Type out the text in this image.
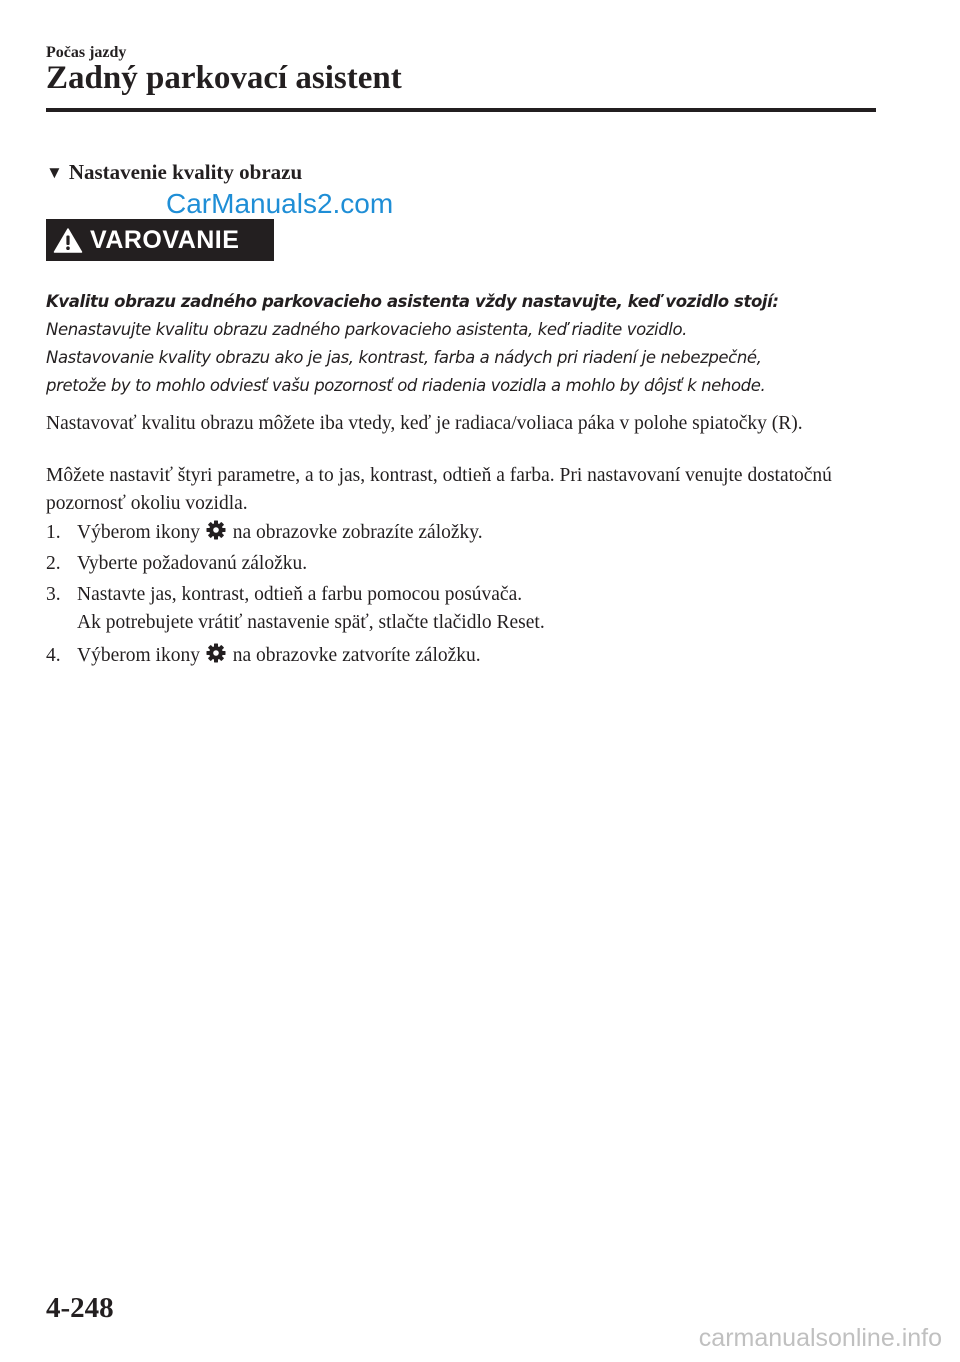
Počas jazdy
Zadný parkovací asistent
▼ Nastavenie kvality obrazu
CarManuals2.com
VAROVANIE
Kvalitu obrazu zadného parkovacieho asistenta vždy nastavujte, keď vozidlo stojí:
Nenastavujte kvalitu obrazu zadného parkovacieho asistenta, keď riadite vozidlo.
Nastavovanie kvality obrazu ako je jas, kontrast, farba a nádych pri riadení je nebezpečné,
pretože by to mohlo odviesť vašu pozornosť od riadenia vozidla a mohlo by dôjsť k nehode.
Nastavovať kvalitu obrazu môžete iba vtedy, keď je radiaca/voliaca páka v polohe spiatočky (R).
Môžete nastaviť štyri parametre, a to jas, kontrast, odtieň a farba. Pri nastavovaní venujte dostatočnú pozornosť okoliu vozidla.
1. Výberom ikony na obrazovke zobrazíte záložky.
2. Vyberte požadovanú záložku.
3. Nastavte jas, kontrast, odtieň a farbu pomocou posúvača.
Ak potrebujete vrátiť nastavenie späť, stlačte tlačidlo Reset.
4. Výberom ikony na obrazovke zatvoríte záložku.
4-248
carmanualsonline.info
